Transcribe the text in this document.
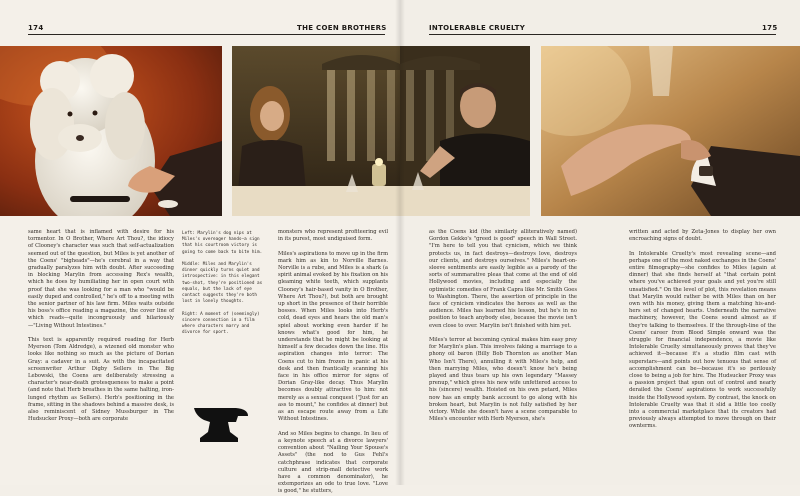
174	THE COEN BROTHERS

same heart that is inflamed with desire for his tormentor. In O Brother, Where Art Thou?, the idiocy of Clooney's character was such that self-actualization seemed out of the question, but Miles is yet another of the Coens' "bigheads"—he's cerebral in a way that gradually paralyzes him with doubt. After succeeding in blocking Marylin from accessing Rex's wealth, which he does by humiliating her in open court with proof that she was looking for a man who "would be easily duped and controlled," he's off to a meeting with the senior partner of his law firm. Miles waits outside his boss's office reading a magazine, the cover line of which reads—quite incongruously and hilariously—"Living Without Intestines."

This text is apparently required reading for Herb Myerson (Tom Aldredge), a wizened old monster who looks like nothing so much as the picture of Dorian Gray: a cadaver in a suit. As with the incapacitated screenwriter Arthur Digby Sellers in The Big Lebowski, the Coens are deliberately stressing a character's near-death grotesqueness to make a point (and note that Herb breathes in the same halting, iron-lunged rhythm as Sellers). Herb's positioning in the frame, sitting in the shadows behind a massive desk, is also reminiscent of Sidney Mussburger in The Hudsucker Proxy—both are corporate

Left: Marylin's dog nips at Miles's overeager hands—a sign that his courtroom victory is going to come back to bite him.

Middle: Miles and Marylin's dinner quickly turns quiet and introspective: in this elegant two-shot, they're positioned as equals, but the lack of eye contact suggests they're both lost in lonely thoughts.

Right: A moment of (seemingly) sincere connection in a film where characters marry and divorce for sport.

INTOLERABLE CRUELTY	175

as the Coens kid (the similarly alliteratively named) Gordon Gekko's "greed is good" speech in Wall Street. "I'm here to tell you that cynicism, which we think protects us, in fact destroys—destroys love, destroys our clients, and destroys ourselves." Miles's heart-on-sleeve sentiments are easily legible as a parody of the sorts of summarative pleas that come at the end of old Hollywood movies, including and especially the optimistic comedies of Frank Capra like Mr. Smith Goes to Washington. There, the assertion of principle in the face of cynicism vindicates the heroes as well as the audience. Miles has learned his lesson, but he's in no position to teach anybody else, because the movie isn't even close to over. Marylin isn't finished with him yet.

Miles's terror at becoming cynical makes him easy prey for Marylin's plan. This involves faking a marriage to a phony oil baron (Billy Bob Thornton as another Man Who Isn't There), annulling it with Miles's help, and then marrying Miles, who doesn't know he's being played and thus tears up his own legendary "Massey prenup," which gives his new wife unfettered access to his (sincere) wealth. Hoisted on his own petard, Miles now has an empty bank account to go along with his broken heart, but Marylin is not fully satisfied by her victory. While she doesn't have a scene comparable to Miles's encounter with Herb Myerson, she's

written and acted by Zeta-Jones to display her own encroaching signs of doubt.

In Intolerable Cruelty's most revealing scene—and perhaps one of the most naked exchanges in the Coens' entire filmography—she confides to Miles (again at dinner) that she finds herself at "that certain point where you've achieved your goals and yet you're still unsatisfied." On the level of plot, this revelation means that Marylin would rather be with Miles than on her own with his money, giving them a matching his-and-hers set of changed hearts. Underneath the narrative machinery, however, the Coens sound almost as if they're talking to themselves. If the through-line of the Coens' career from Blood Simple onward was the struggle for financial independence, a movie like Intolerable Cruelty simultaneously proves that they've achieved it—because it's a studio film cast with superstars—and points out how tenuous that sense of accomplishment can be—because it's so perilously close to being a job for hire. The Hudsucker Proxy was a passion project that spun out of control and nearly derailed the Coens' aspirations to work successfully inside the Hollywood system. By contrast, the knock on Intolerable Cruelty was that it slid a little too coolly into a commercial marketplace that its creators had previously always attempted to move through on their ownterms.

monsters who represent profiteering evil in its purest, most undiguised form.

Miles's aspirations to move up in the firm mark him as kin to Norville Barnes. Norville is a rube, and Miles is a shark (a spirit animal evoked by his fixation on his gleaming white teeth, which supplants Clooney's hair-based vanity in O Brother, Where Art Thou?), but both are brought up short in the presence of their horrible bosses. When Miles looks into Herb's cold, dead eyes and hears the old man's spiel about working even harder if he knows what's good for him, he understands that he might be looking at himself a few decades down the line. His aspiration changes into terror: The Coens cut to him frozen in panic at his desk and then frantically scanning his face in his office mirror for signs of Dorian Gray-like decay. Thus Marylin becomes doubly attractive to him: not merely as a sexual conquest ("Just for an ass to mount," he confides at dinner) but as an escape route away from a Life Without Intestines.

And so Miles begins to change. In lieu of a keynote speech at a divorce lawyers' convention about "Nailing Your Spouse's Assets" (the nod to Gus Fehl's catchphrase indicates that corporate culture and strip-mall detective work have a common denominator), he extemporizes an ode to true love. "Love is good," he stutters,
